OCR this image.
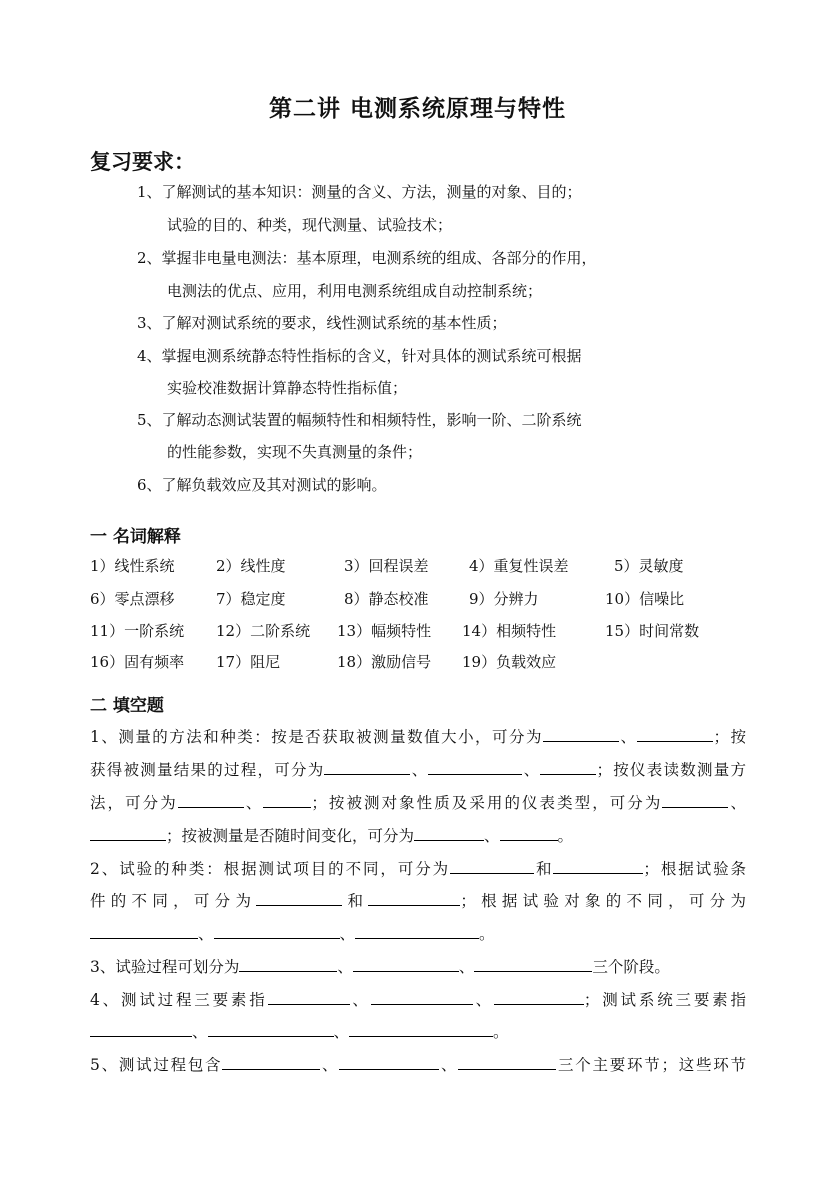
第二讲 电测系统原理与特性
复习要求：
1、了解测试的基本知识：测量的含义、方法，测量的对象、目的；
试验的目的、种类，现代测量、试验技术；
2、掌握非电量电测法：基本原理，电测系统的组成、各部分的作用，
电测法的优点、应用，利用电测系统组成自动控制系统；
3、了解对测试系统的要求，线性测试系统的基本性质；
4、掌握电测系统静态特性指标的含义，针对具体的测试系统可根据
实验校准数据计算静态特性指标值；
5、了解动态测试装置的幅频特性和相频特性，影响一阶、二阶系统
的性能参数，实现不失真测量的条件；
6、了解负载效应及其对测试的影响。
一 名词解释
1）线性系统	2）线性度	3）回程误差	4）重复性误差	5）灵敏度
6）零点漂移	7）稳定度	8）静态校准	9）分辨力	10）信噪比
11）一阶系统 12）二阶系统 13）幅频特性 14）相频特性	15）时间常数
16）固有频率 17）阻尼	18）激励信号 19）负载效应
二 填空题
1、测量的方法和种类：按是否获取被测量数值大小，可分为	、	；按
获得被测量结果的过程，可分为	、	、	；按仪表读数测量方
法，可分为	、	；按被测对象性质及采用的仪表类型，可分为	、
；按被测量是否随时间变化，可分为	、	。
2、试验的种类：根据测试项目的不同，可分为	和	；根据试验条
件的不同，可分为	和	；根据试验对象的不同，可分为
、	、	。
3、试验过程可划分为	、	、	三个阶段。
4、测试过程三要素指	、	、	；测试系统三要素指
、	、	。
5、测试过程包含	、	、	三个主要环节；这些环节
